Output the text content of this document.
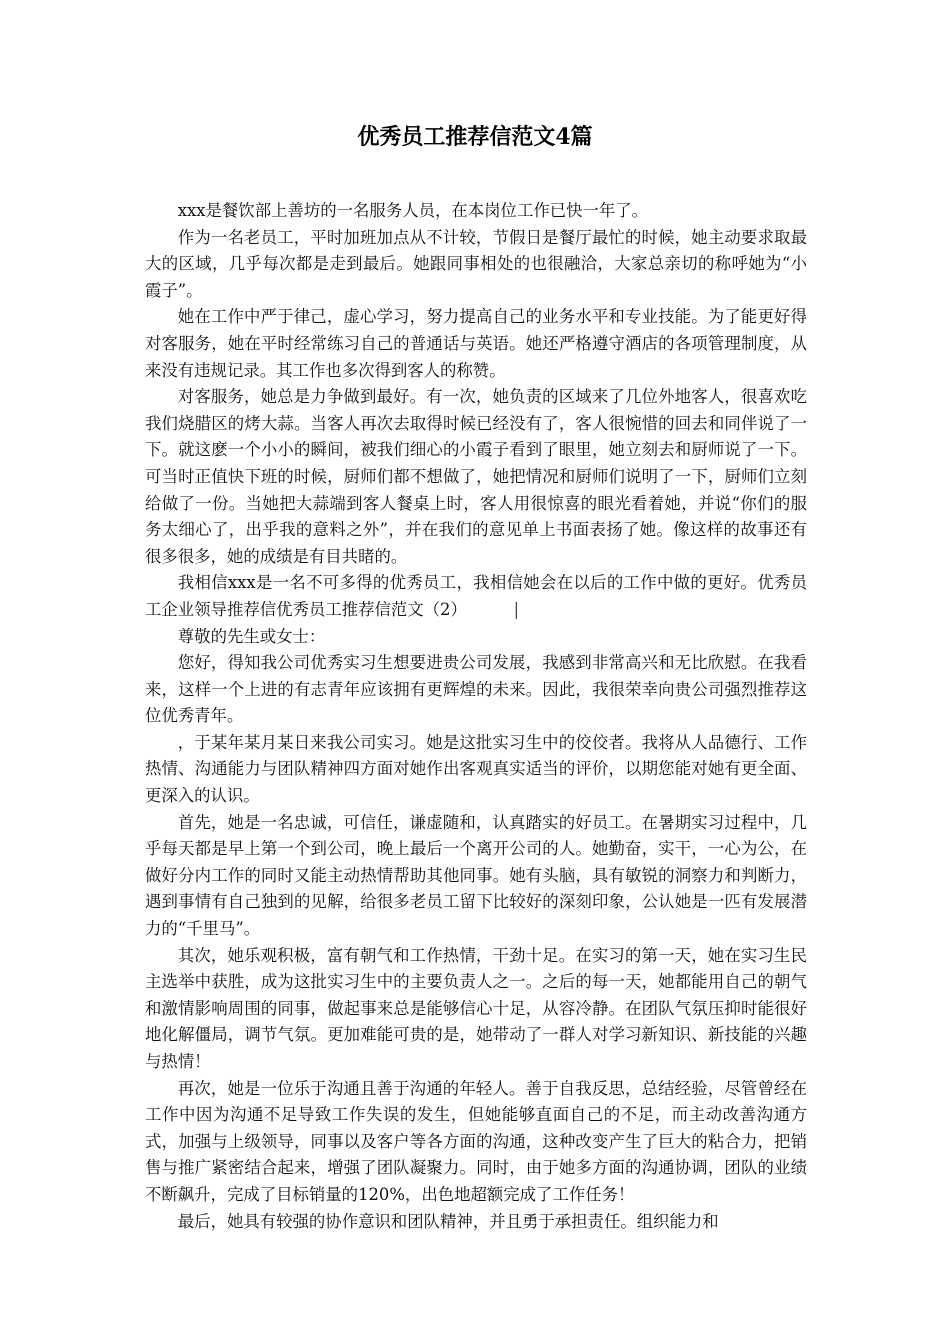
优秀员工推荐信范文4篇

xxx是餐饮部上善坊的一名服务人员，在本岗位工作已快一年了。

作为一名老员工，平时加班加点从不计较，节假日是餐厅最忙的时候，她主动要求取最大的区域，几乎每次都是走到最后。她跟同事相处的也很融洽，大家总亲切的称呼她为“小霞子”。

她在工作中严于律己，虚心学习，努力提高自己的业务水平和专业技能。为了能更好得对客服务，她在平时经常练习自己的普通话与英语。她还严格遵守酒店的各项管理制度，从来没有违规记录。其工作也多次得到客人的称赞。

对客服务，她总是力争做到最好。有一次，她负责的区域来了几位外地客人，很喜欢吃我们烧腊区的烤大蒜。当客人再次去取得时候已经没有了，客人很惋惜的回去和同伴说了一下。就这麽一个小小的瞬间，被我们细心的小霞子看到了眼里，她立刻去和厨师说了一下。可当时正值快下班的时候，厨师们都不想做了，她把情况和厨师们说明了一下，厨师们立刻给做了一份。当她把大蒜端到客人餐桌上时，客人用很惊喜的眼光看着她，并说“你们的服务太细心了，出乎我的意料之外”，并在我们的意见单上书面表扬了她。像这样的故事还有很多很多，她的成绩是有目共睹的。

我相信xxx是一名不可多得的优秀员工，我相信她会在以后的工作中做的更好。优秀员工企业领导推荐信优秀员工推荐信范文（2）	|

尊敬的先生或女士：

您好，得知我公司优秀实习生想要进贵公司发展，我感到非常高兴和无比欣慰。在我看来，这样一个上进的有志青年应该拥有更辉煌的未来。因此，我很荣幸向贵公司强烈推荐这位优秀青年。

，于某年某月某日来我公司实习。她是这批实习生中的佼佼者。我将从人品德行、工作热情、沟通能力与团队精神四方面对她作出客观真实适当的评价，以期您能对她有更全面、更深入的认识。

首先，她是一名忠诚，可信任，谦虚随和，认真踏实的好员工。在暑期实习过程中，几乎每天都是早上第一个到公司，晚上最后一个离开公司的人。她勤奋，实干，一心为公，在做好分内工作的同时又能主动热情帮助其他同事。她有头脑，具有敏锐的洞察力和判断力，遇到事情有自己独到的见解，给很多老员工留下比较好的深刻印象，公认她是一匹有发展潜力的“千里马”。

其次，她乐观积极，富有朝气和工作热情，干劲十足。在实习的第一天，她在实习生民主选举中获胜，成为这批实习生中的主要负责人之一。之后的每一天，她都能用自己的朝气和激情影响周围的同事，做起事来总是能够信心十足，从容冷静。在团队气氛压抑时能很好地化解僵局，调节气氛。更加难能可贵的是，她带动了一群人对学习新知识、新技能的兴趣与热情！

再次，她是一位乐于沟通且善于沟通的年轻人。善于自我反思，总结经验，尽管曾经在工作中因为沟通不足导致工作失误的发生，但她能够直面自己的不足，而主动改善沟通方式，加强与上级领导，同事以及客户等各方面的沟通，这种改变产生了巨大的粘合力，把销售与推广紧密结合起来，增强了团队凝聚力。同时，由于她多方面的沟通协调，团队的业绩不断飙升，完成了目标销量的120%，出色地超额完成了工作任务！

最后，她具有较强的协作意识和团队精神，并且勇于承担责任。组织能力和
